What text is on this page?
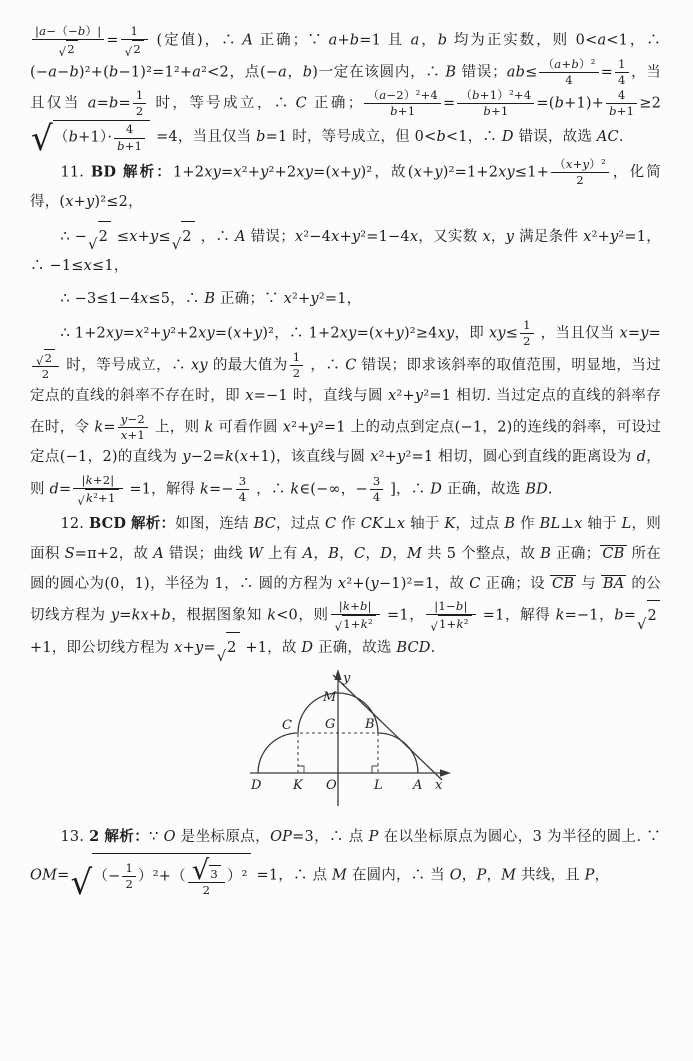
$\frac{|a-(-b)|}{√ 2} = \frac{1}{√ 2}$ (定值)，∴ A 正确；∵ a+b=1 且 a，b 均为正实数，则 0<a<1，∴ (−a−b)²+(b−1)²=1²+a²<2，点(−a，b)一定在该圆内，∴ B 错误；$ab\le \frac{\text{（a+b）²}}{4} = \frac{1}{4}$ ，当且仅当 $a=b= \frac{1}{2}$ 时，等号成立，∴ C 正确； $\frac{\text{（a−2）²+4}}{b+1} = \frac{\text{（b+1）²+4}}{b+1} =(b+1)+ \frac{4}{b+1} \ge 2$
√ $(b+1)\cdot \frac{4}{b+1} =4$，当且仅当 b=1 时，等号成立，但 0<b<1，∴ D 错误，故选 AC.

11. BD 解析：1+2xy=x²+y²+2xy=(x+y)²，故$(x+y)^2=1+2xy\le 1+ \frac{\text{（x+y）²}}{2}$ ，化简得，(x+y)²≤2，

∴ −
√
2 ≤x+y≤
√
2 ，∴ A 错误；x²−4x+y²=1−4x，又实数 x，y 满足条件 x²+y²=1，∴ −1≤x≤1，

∴ −3≤1−4x≤5，∴ B 正确；∵ x²+y²=1，

∴ 1+2xy=x²+y²+2xy=(x+y)²，∴ 1+2xy=(x+y)²≥4xy，即 $xy\le \frac{1}{2}$ ，当且仅当 x=y=
$\frac{√ 2}{2}$ 时，等号成立，∴ xy 的最大值为 $\frac{1}{2}$ ，∴ C 错误；即求该斜率的取值范围，明显地，当过定点的直线的斜率不存在时，即 x=−1 时，直线与圆 x²+y²=1 相切. 当过定点的直线的斜率存在时，令 $k= \frac{y-2}{x+1}$ 上，则 k 可看作圆 x²+y²=1 上的动点到定点(−1，2)的连线的斜率，可设过定点(−1，2)的直线为 y−2=k(x+1)，该直线与圆 x²+y²=1 相切，圆心到直线的距离设为 d，则 $d= \frac{|k+2|}{\text{√ k²+1}} =1$，解得 $k=- \frac{3}{4}$ ，∴ k∈(−∞，− $\frac{3}{4}$ ]，∴ D 正确，故选 BD.

12. BCD 解析：如图，连结 BC，过点 C 作 CK⊥x 轴于 K，过点 B 作 BL⊥x 轴于 L，则面积 S=π+2，故 A 错误；曲线 W 上有 A，B，C，D，M 共 5 个整点，故 B 正确； CB 所在圆的圆心为(0，1)，半径为 1，∴ 圆的方程为 x²+(y−1)²=1，故 C 正确；设 CB 与 BA 的公切线方程为 y=kx+b，根据图象知 k<0，则 $\frac{|k+b|}{\text{√ 1+k²}} =1$， $\frac{|1-b|}{\text{√ 1+k²}} =1$，解得 k=−1，b=
√
2
+1，即公切线方程为 x+y=
√
2 +1，故 D 正确，故选 BCD.

y
x
M
C	G B
D K O	L A

13. 2 解析：∵ O 是坐标原点，OP=3，∴ 点 P 在以坐标原点为圆心，3 为半径的圆上. ∵ OM= √ （− $\frac{1}{2} )^2+( \frac{√ 3}{2} )^2 =1$，∴ 点 M 在圆内，∴ 当 O，P，M 共线，且 P，
